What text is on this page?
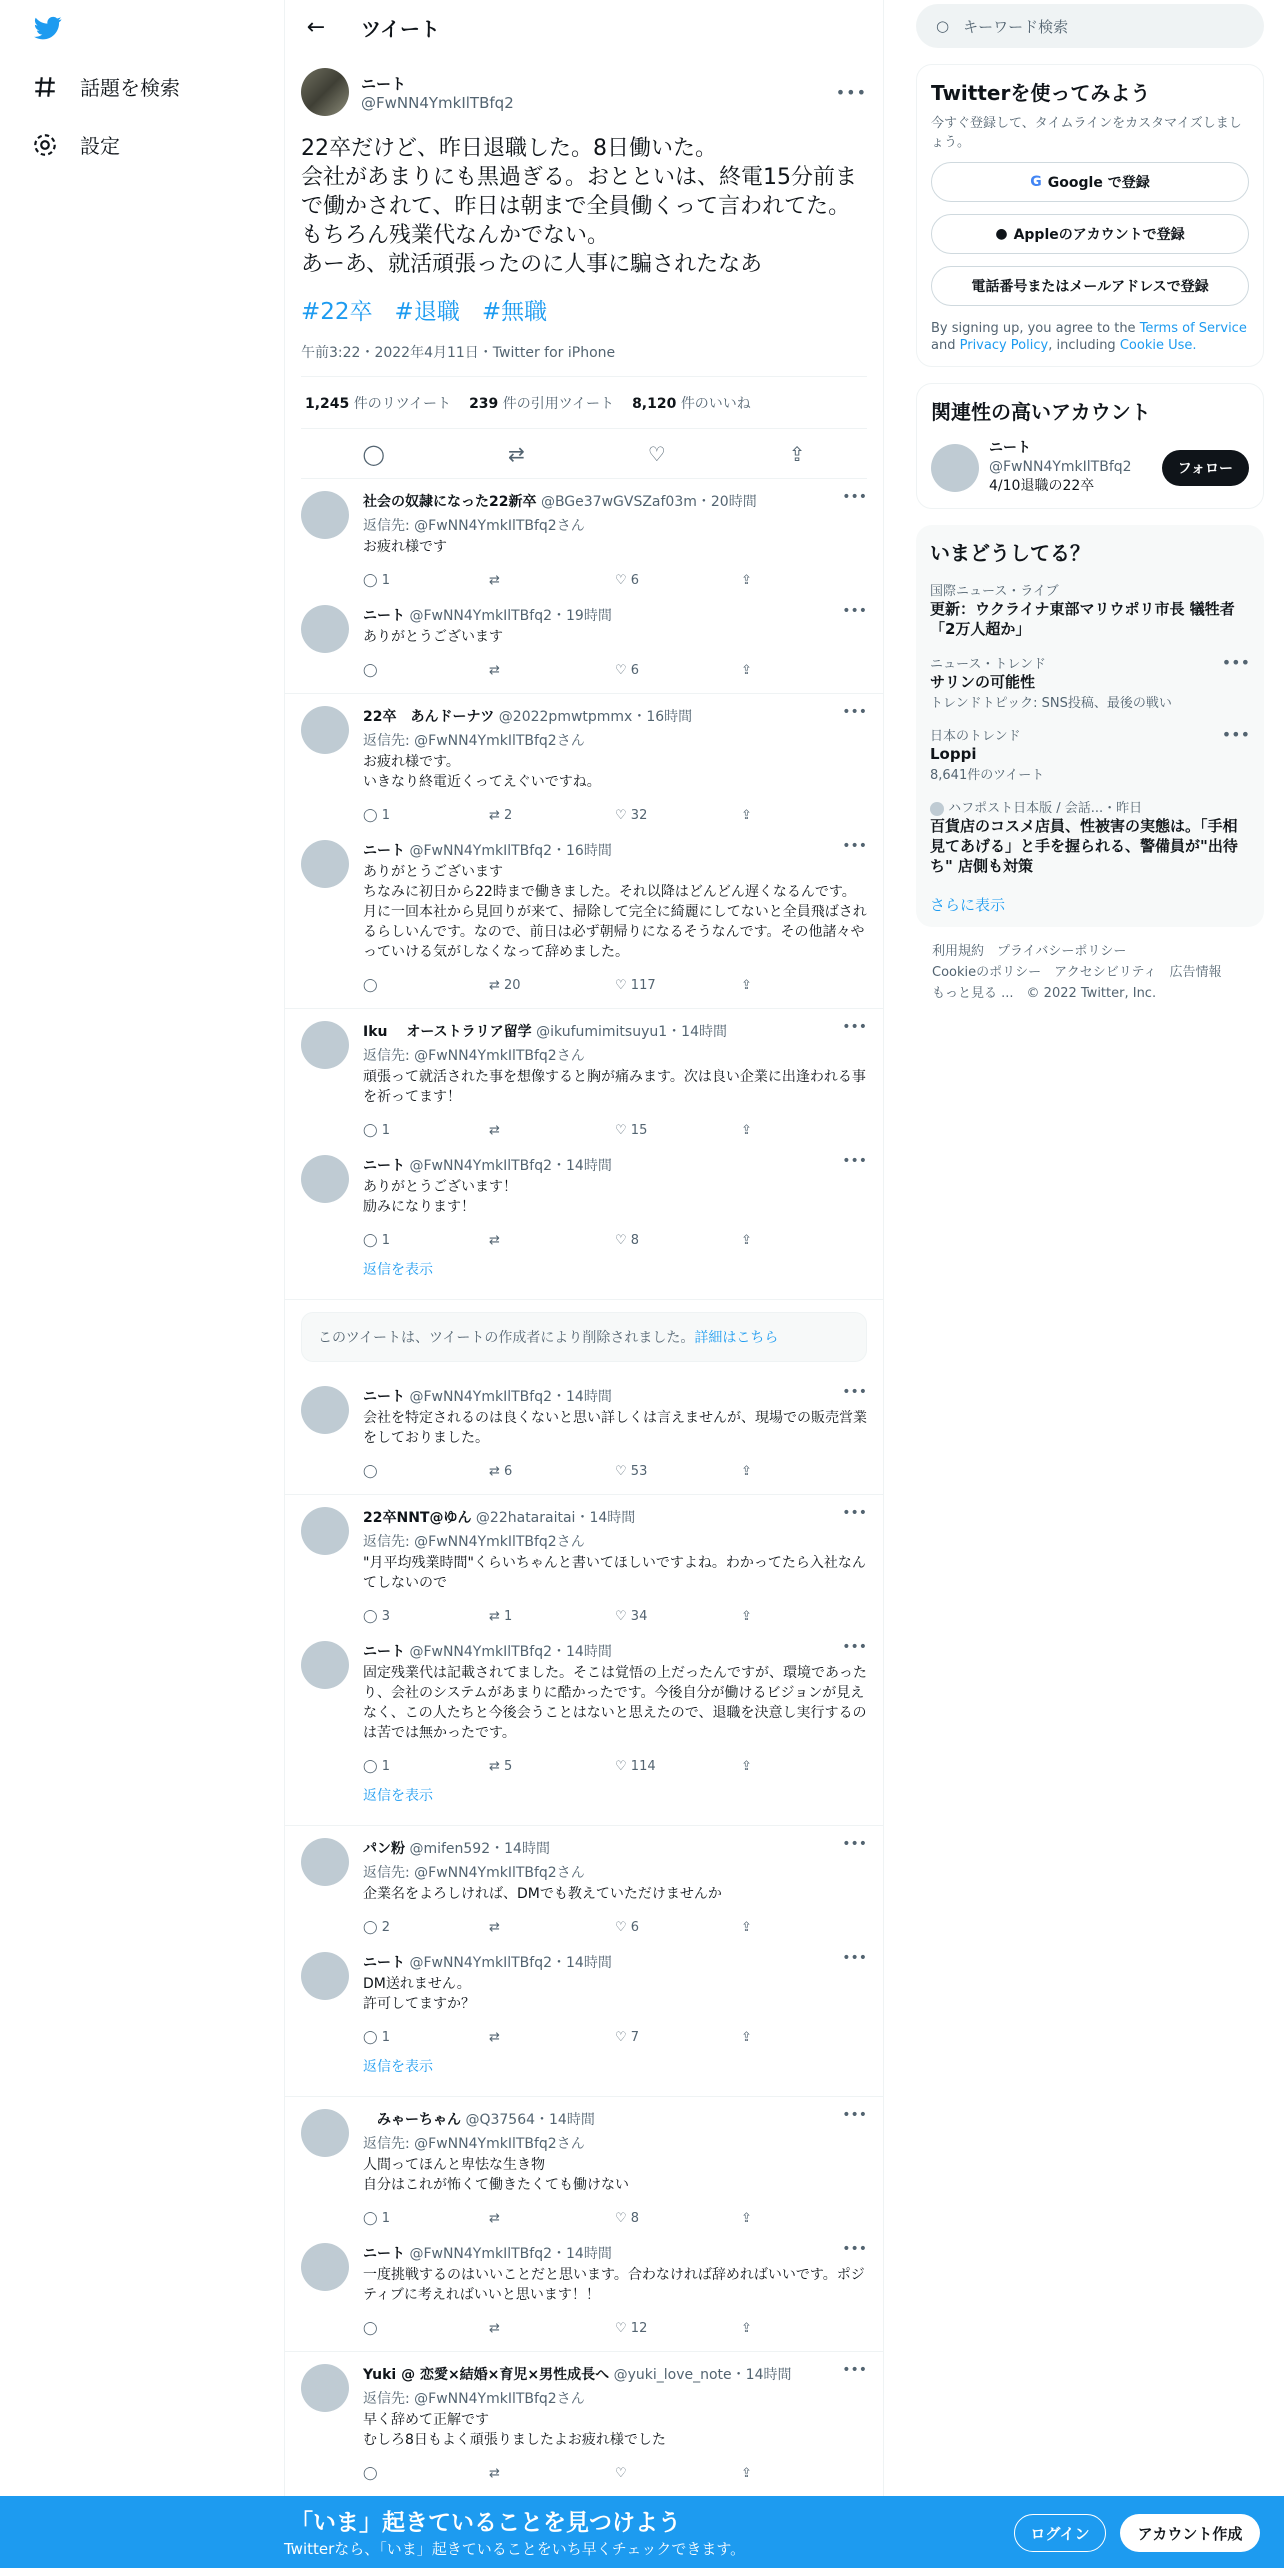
話題を検索
設定
← ツイート
ニート
@FwNN4YmkIlTBfq2
•••
22卒だけど、昨日退職した。8日働いた。
会社があまりにも黒過ぎる。おとといは、終電15分前まで働かされて、昨日は朝まで全員働くって言われてた。
もちろん残業代なんかでない。
あーあ、就活頑張ったのに人事に騙されたなあ
#22卒 #退職 #無職
午前3:22・2022年4月11日・Twitter for iPhone
1,245 件のリツイート 239 件の引用ツイート 8,120 件のいいね
◯	⇄	♡	⇪
•••
社会の奴隷になった22新卒 @BGe37wGVSZaf03m・20時間
返信先: @FwNN4YmkIlTBfq2さん
お疲れ様です
◯ 1	⇄	♡ 6	⇪
•••
ニート @FwNN4YmkIlTBfq2・19時間
ありがとうございます
◯	⇄	♡ 6	⇪
•••
22卒　あんドーナツ @2022pmwtpmmx・16時間
返信先: @FwNN4YmkIlTBfq2さん
お疲れ様です。
いきなり終電近くってえぐいですね。
◯ 1	⇄ 2	♡ 32	⇪
•••
ニート @FwNN4YmkIlTBfq2・16時間
ありがとうございます
ちなみに初日から22時まで働きました。それ以降はどんどん遅くなるんです。
月に一回本社から見回りが来て、掃除して完全に綺麗にしてないと全員飛ばされるらしいんです。なので、前日は必ず朝帰りになるそうなんです。その他諸々やっていける気がしなくなって辞めました。
◯	⇄ 20	♡ 117	⇪
•••
Iku　 オーストラリア留学 @ikufumimitsuyu1・14時間
返信先: @FwNN4YmkIlTBfq2さん
頑張って就活された事を想像すると胸が痛みます。次は良い企業に出逢われる事を祈ってます！
◯ 1	⇄	♡ 15	⇪
•••
ニート @FwNN4YmkIlTBfq2・14時間
ありがとうございます！
励みになります！
◯ 1	⇄	♡ 8	⇪
返信を表示
このツイートは、ツイートの作成者により削除されました。詳細はこちら
•••
ニート @FwNN4YmkIlTBfq2・14時間
会社を特定されるのは良くないと思い詳しくは言えませんが、現場での販売営業をしておりました。
◯	⇄ 6	♡ 53	⇪
•••
22卒NNT@ゆん @22hataraitai・14時間
返信先: @FwNN4YmkIlTBfq2さん
"月平均残業時間"くらいちゃんと書いてほしいですよね。わかってたら入社なんてしないので
◯ 3	⇄ 1	♡ 34	⇪
•••
ニート @FwNN4YmkIlTBfq2・14時間
固定残業代は記載されてました。そこは覚悟の上だったんですが、環境であったり、会社のシステムがあまりに酷かったです。今後自分が働けるビジョンが見えなく、この人たちと今後会うことはないと思えたので、退職を決意し実行するのは苦では無かったです。
◯ 1	⇄ 5	♡ 114	⇪
返信を表示
•••
パン粉 @mifen592・14時間
返信先: @FwNN4YmkIlTBfq2さん
企業名をよろしければ、DMでも教えていただけませんか
◯ 2	⇄	♡ 6	⇪
•••
ニート @FwNN4YmkIlTBfq2・14時間
DM送れません。
許可してますか？
◯ 1	⇄	♡ 7	⇪
返信を表示
•••
　みゃーちゃん @Q37564・14時間
返信先: @FwNN4YmkIlTBfq2さん
人間ってほんと卑怯な生き物
自分はこれが怖くて働きたくても働けない
◯ 1	⇄	♡ 8	⇪
•••
ニート @FwNN4YmkIlTBfq2・14時間
一度挑戦するのはいいことだと思います。合わなければ辞めればいいです。ポジティブに考えればいいと思います！！
◯	⇄	♡ 12	⇪
•••
Yuki @ 恋愛×結婚×育児×男性成長へ @yuki_love_note・14時間
返信先: @FwNN4YmkIlTBfq2さん
早く辞めて正解です
むしろ8日もよく頑張りましたよお疲れ様でした
◯	⇄	♡	⇪
○ キーワード検索
Twitterを使ってみよう
今すぐ登録して、タイムラインをカスタマイズしましょう。
G Google で登録
● Appleのアカウントで登録
電話番号またはメールアドレスで登録
By signing up, you agree to the Terms of Service and Privacy Policy, including Cookie Use.
関連性の高いアカウント
ニート
@FwNN4YmkIlTBfq2
4/10退職の22卒
フォロー
いまどうしてる？
国際ニュース・ライブ
更新：ウクライナ東部マリウポリ市長 犠牲者「2万人超か」
ニュース・トレンド
サリンの可能性
トレンドトピック: SNS投稿、最後の戦い
•••
日本のトレンド
Loppi
8,641件のツイート
•••
ハフポスト日本版 / 会話...・昨日
百貨店のコスメ店員、性被害の実態は。「手相見てあげる」と手を握られる、警備員が"出待ち" 店側も対策
さらに表示
利用規約　 プライバシーポリシー
Cookieのポリシー　 アクセシビリティ　 広告情報
もっと見る ...　 © 2022 Twitter, Inc.
「いま」起きていることを見つけよう
Twitterなら、「いま」起きていることをいち早くチェックできます。
ログイン	アカウント作成
